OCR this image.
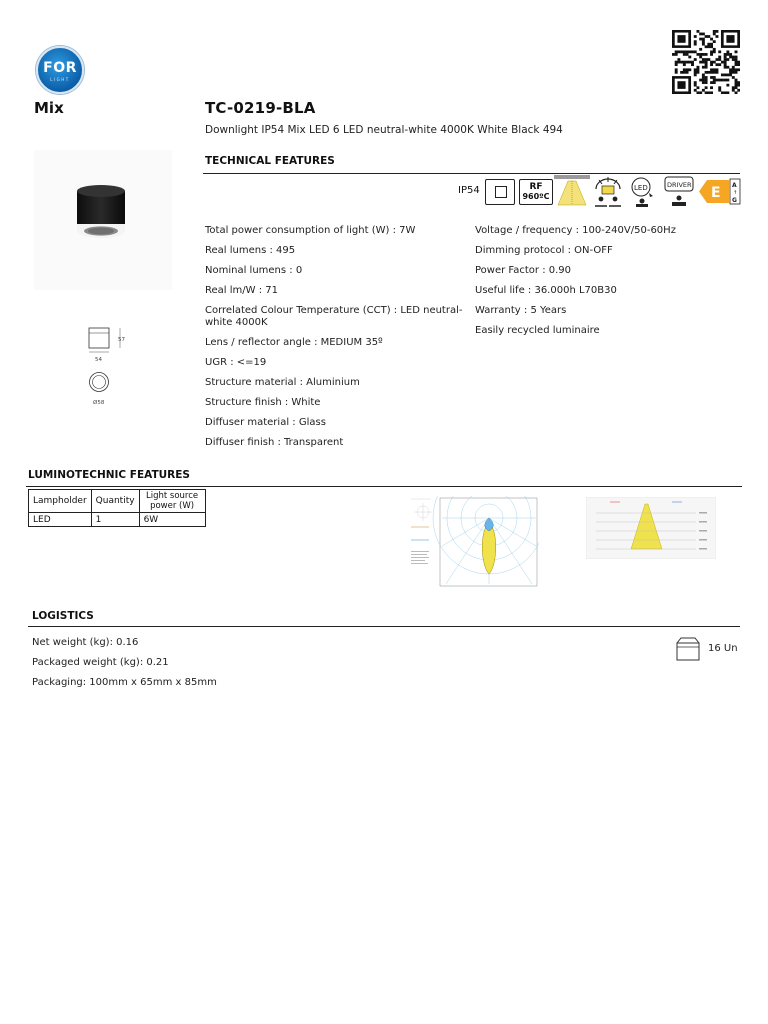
FOR
LIGHT
Mix	TC-0219-BLA
Downlight IP54 Mix LED 6 LED neutral-white 4000K White Black 494
57
54
Ø58
TECHNICAL FEATURES
IP54	RF
960ºC
LED	DRIVER E A
↑
G
Total power consumption of light (W) : 7W
Real lumens : 495
Nominal lumens : 0
Real lm/W : 71
Correlated Colour Temperature (CCT) : LED neutral-white 4000K
Lens / reflector angle : MEDIUM 35º
UGR : <=19
Structure material : Aluminium
Structure finish : White
Diffuser material : Glass
Diffuser finish : Transparent
Voltage / frequency : 100-240V/50-60Hz
Dimming protocol : ON-OFF
Power Factor : 0.90
Useful life : 36.000h L70B30
Warranty : 5 Years
Easily recycled luminaire
LUMINOTECHNIC FEATURES
Lampholder	Quantity	Light source power (W)
LED	1	6W
LOGISTICS
Net weight (kg): 0.16
Packaged weight (kg): 0.21
Packaging: 100mm x 65mm x 85mm
16 Un
